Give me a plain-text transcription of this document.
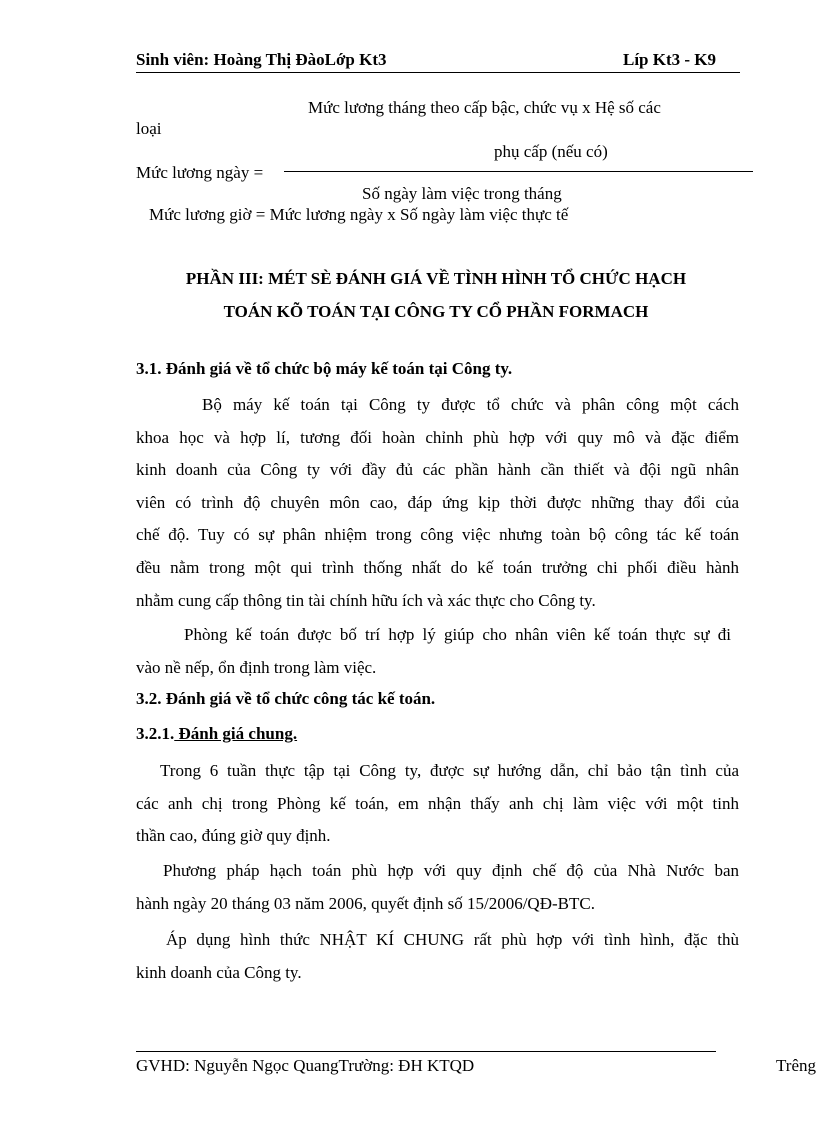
Sinh viên: Hoàng Thị ĐàoLớp Kt3	Líp Kt3 - K9
Mức lương tháng theo cấp bậc, chức vụ x Hệ số các
loại
phụ cấp (nếu có)
Mức lương ngày =
Số ngày làm việc trong tháng
Mức lương giờ = Mức lương ngày x Số ngày làm việc thực tế
PHẦN III: MÉT SÈ ĐÁNH GIÁ VỀ TÌNH HÌNH TỔ CHỨC HẠCH
TOÁN KÕ TOÁN TẠI CÔNG TY CỔ PHẦN FORMACH
3.1. Đánh giá về tổ chức bộ máy kế toán tại Công ty.
Bộ máy kế toán tại Công ty được tổ chức và phân công một cách
khoa học và hợp lí, tương đối hoàn chỉnh phù hợp với quy mô và đặc điểm
kinh doanh của Công ty với đầy đủ các phần hành cần thiết và đội ngũ nhân
viên có trình độ chuyên môn cao, đáp ứng kịp thời được những thay đổi của
chế độ. Tuy có sự phân nhiệm trong công việc nhưng toàn bộ công tác kế toán
đều nằm trong một qui trình thống nhất do kế toán trưởng chi phối điều hành
nhằm cung cấp thông tin tài chính hữu ích và xác thực cho Công ty.
Phòng kế toán được bố trí hợp lý giúp cho nhân viên kế toán thực sự đi
vào nề nếp, ổn định trong làm việc.
3.2. Đánh giá về tổ chức công tác kế toán.
3.2.1. Đánh giá chung.
Trong 6 tuần thực tập tại Công ty, được sự hướng dẫn, chỉ bảo tận tình của
các anh chị trong Phòng kế toán, em nhận thấy anh chị làm việc với một tinh
thần cao, đúng giờ quy định.
Phương pháp hạch toán phù hợp với quy định chế độ của Nhà Nước ban
hành ngày 20 tháng 03 năm 2006, quyết định số 15/2006/QĐ-BTC.
Áp dụng hình thức NHẬT KÍ CHUNG rất phù hợp với tình hình, đặc thù
kinh doanh của Công ty.
GVHD: Nguyễn Ngọc QuangTrường: ĐH KTQD	Trêng
